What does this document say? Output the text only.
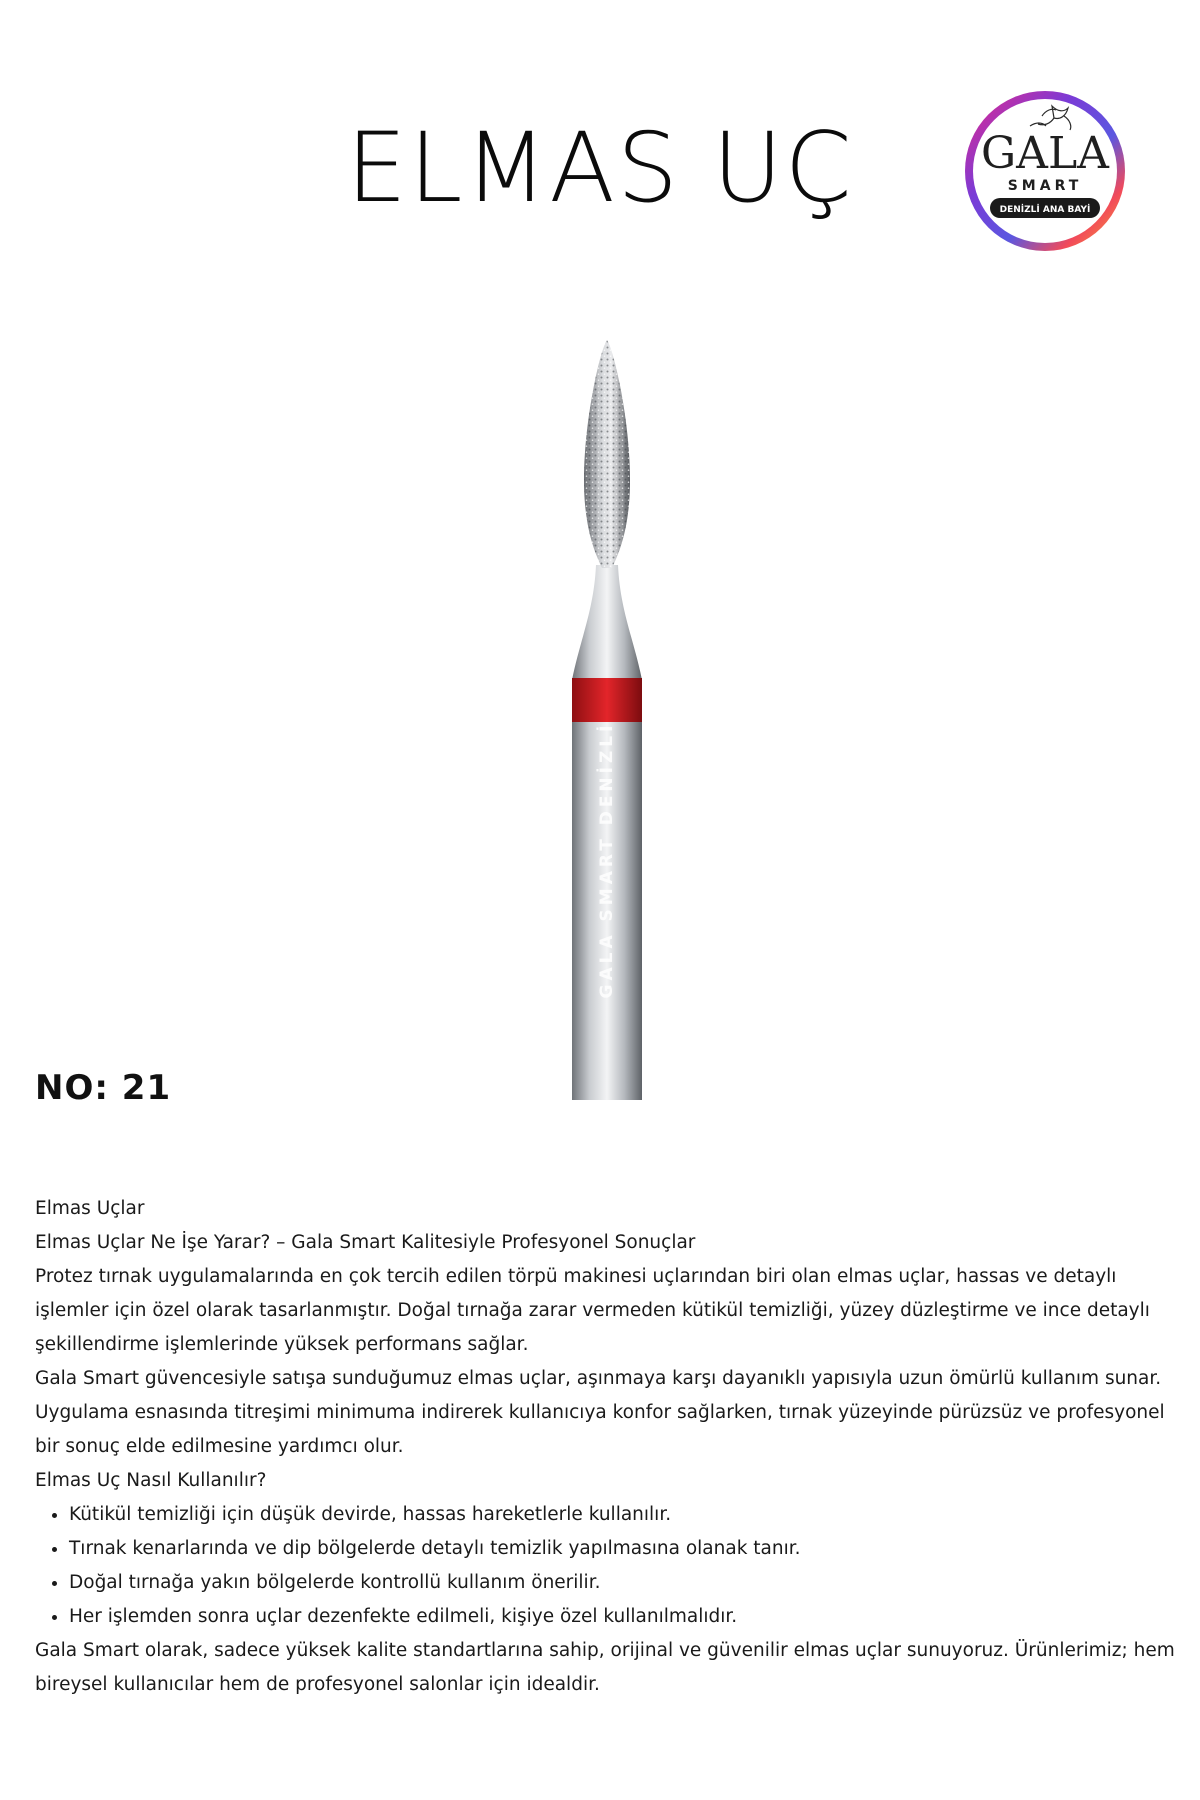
ELMAS UÇ	GALA
SMART
DENİZLİ ANA BAYİ
GALA SMART DENİZLİ
NO: 21

Elmas Uçlar

Elmas Uçlar Ne İşe Yarar? – Gala Smart Kalitesiyle Profesyonel Sonuçlar

Protez tırnak uygulamalarında en çok tercih edilen törpü makinesi uçlarından biri olan elmas uçlar, hassas ve detaylı işlemler için özel olarak tasarlanmıştır. Doğal tırnağa zarar vermeden kütikül temizliği, yüzey düzleştirme ve ince detaylı şekillendirme işlemlerinde yüksek performans sağlar.

Gala Smart güvencesiyle satışa sunduğumuz elmas uçlar, aşınmaya karşı dayanıklı yapısıyla uzun ömürlü kullanım sunar. Uygulama esnasında titreşimi minimuma indirerek kullanıcıya konfor sağlarken, tırnak yüzeyinde pürüzsüz ve profesyonel bir sonuç elde edilmesine yardımcı olur.

Elmas Uç Nasıl Kullanılır?

• Kütikül temizliği için düşük devirde, hassas hareketlerle kullanılır.
• Tırnak kenarlarında ve dip bölgelerde detaylı temizlik yapılmasına olanak tanır.
• Doğal tırnağa yakın bölgelerde kontrollü kullanım önerilir.
• Her işlemden sonra uçlar dezenfekte edilmeli, kişiye özel kullanılmalıdır.

Gala Smart olarak, sadece yüksek kalite standartlarına sahip, orijinal ve güvenilir elmas uçlar sunuyoruz. Ürünlerimiz; hem bireysel kullanıcılar hem de profesyonel salonlar için idealdir.
